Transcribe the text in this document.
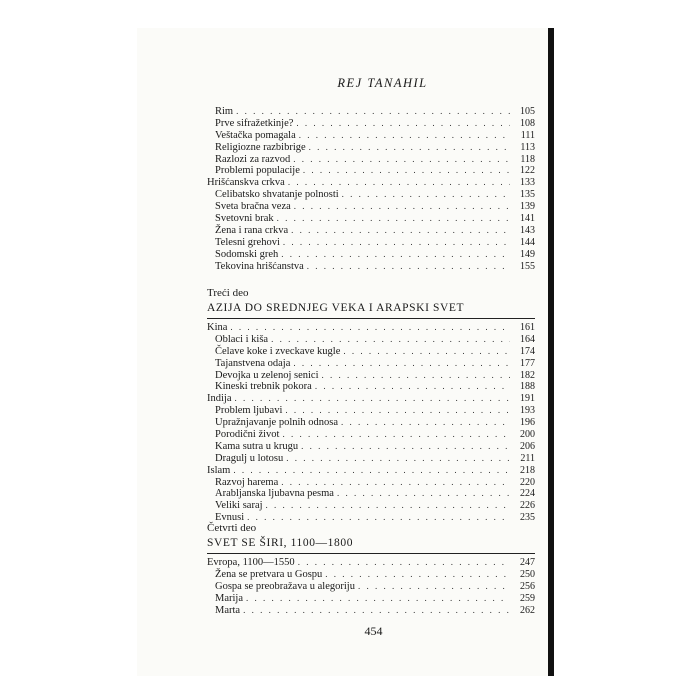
REJ TANAHIL
Rim . . .	105
Prve sifražetkinje? . . .	108
Veštačka pomagala . . .	111
Religiozne razbibrige . . .	113
Razlozi za razvod . . .	118
Problemi populacije . . .	122
Hrišćanskva crkva . . .	133
Celibatsko shvatanje polnosti . . .	135
Sveta bračna veza . . .	139
Svetovni brak . . .	141
Žena i rana crkva . . .	143
Telesni grehovi . . .	144
Sodomski greh . . .	149
Tekovina hrišćanstva . . .	155
Treći deo
AZIJA DO SREDNJEG VEKA I ARAPSKI SVET
Kina . . .	161
Oblaci i kiša . . .	164
Čelave koke i zveckave kugle . . .	174
Tajanstvena odaja . . .	177
Devojka u zelenoj senici . . .	182
Kineski trebnik pokora . . .	188
Indija . . .	191
Problem ljubavi . . .	193
Upražnjavanje polnih odnosa . . .	196
Porodični život . . .	200
Kama sutra u krugu . . .	206
Dragulj u lotosu . . .	211
Islam . . .	218
Razvoj harema . . .	220
Arabljanska ljubavna pesma . . .	224
Veliki saraj . . .	226
Evnusi . . .	235
Četvrti deo
SVET SE ŠIRI, 1100—1800
Evropa, 1100—1550 . . .	247
Žena se pretvara u Gospu . . .	250
Gospa se preobražava u alegoriju . . .	256
Marija . . .	259
Marta . . .	262
454
